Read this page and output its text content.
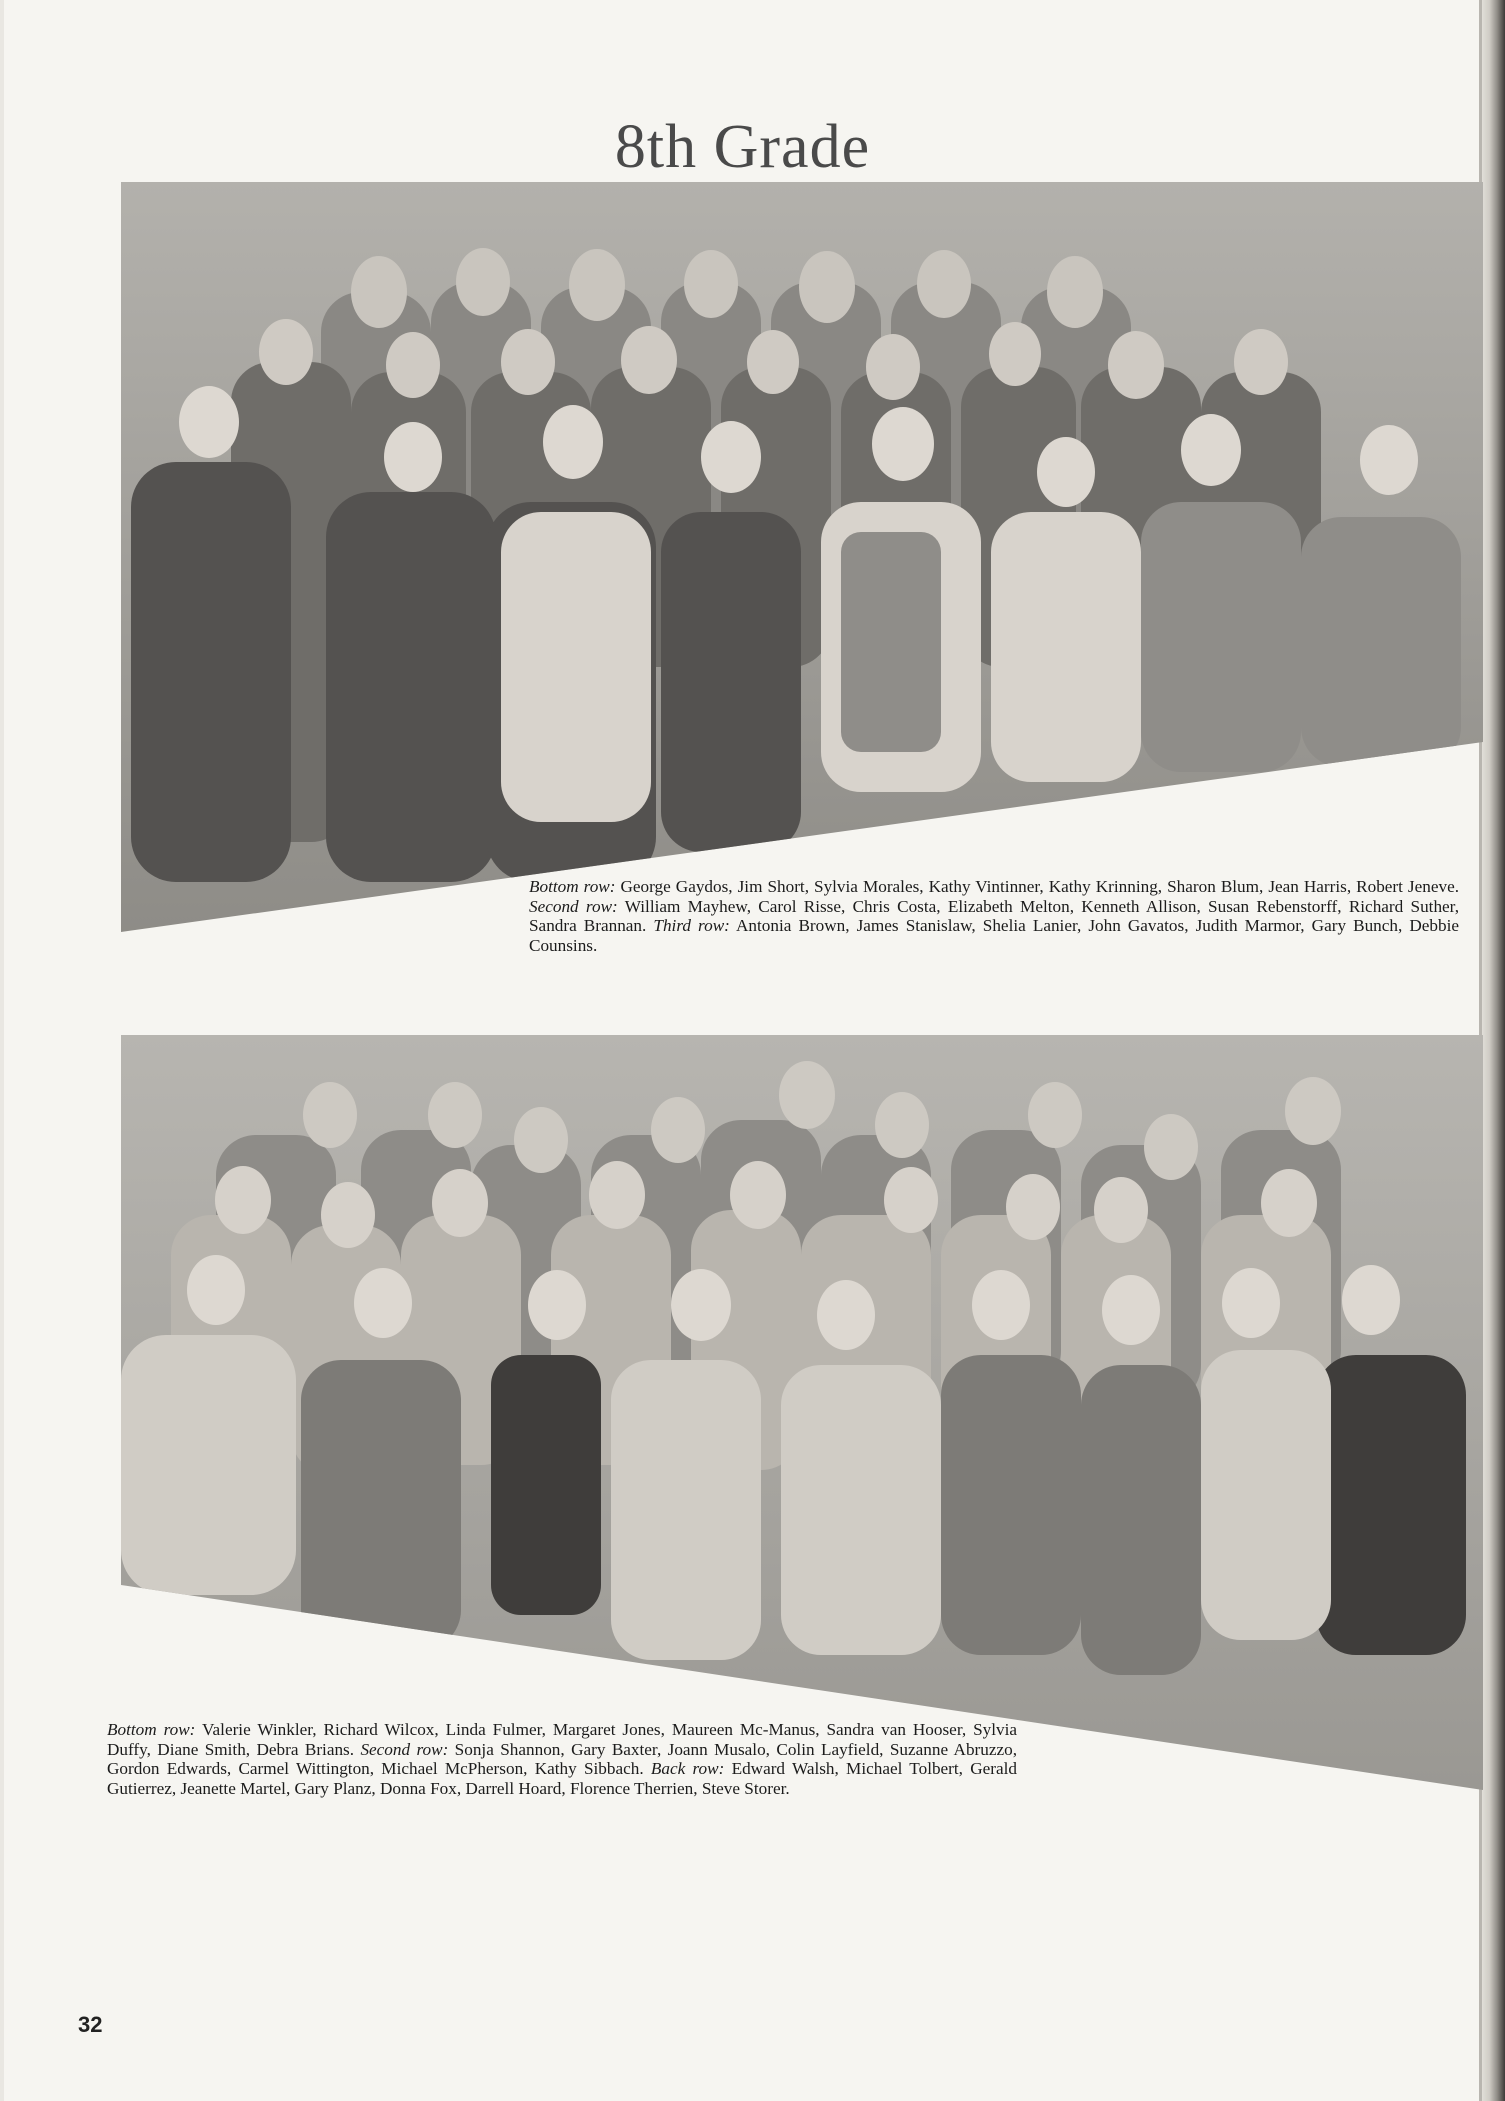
8th Grade
Bottom row: George Gaydos, Jim Short, Sylvia Morales, Kathy Vintinner, Kathy Krinning, Sharon Blum, Jean Harris, Robert Jeneve. Second row: William Mayhew, Carol Risse, Chris Costa, Elizabeth Melton, Kenneth Allison, Susan Rebenstorff, Richard Suther, Sandra Brannan. Third row: Antonia Brown, James Stanislaw, Shelia Lanier, John Gavatos, Judith Marmor, Gary Bunch, Debbie Counsins.
Bottom row: Valerie Winkler, Richard Wilcox, Linda Fulmer, Margaret Jones, Maureen Mc-Manus, Sandra van Hooser, Sylvia Duffy, Diane Smith, Debra Brians. Second row: Sonja Shannon, Gary Baxter, Joann Musalo, Colin Layfield, Suzanne Abruzzo, Gordon Edwards, Carmel Wittington, Michael McPherson, Kathy Sibbach. Back row: Edward Walsh, Michael Tolbert, Gerald Gutierrez, Jeanette Martel, Gary Planz, Donna Fox, Darrell Hoard, Florence Therrien, Steve Storer.
32
